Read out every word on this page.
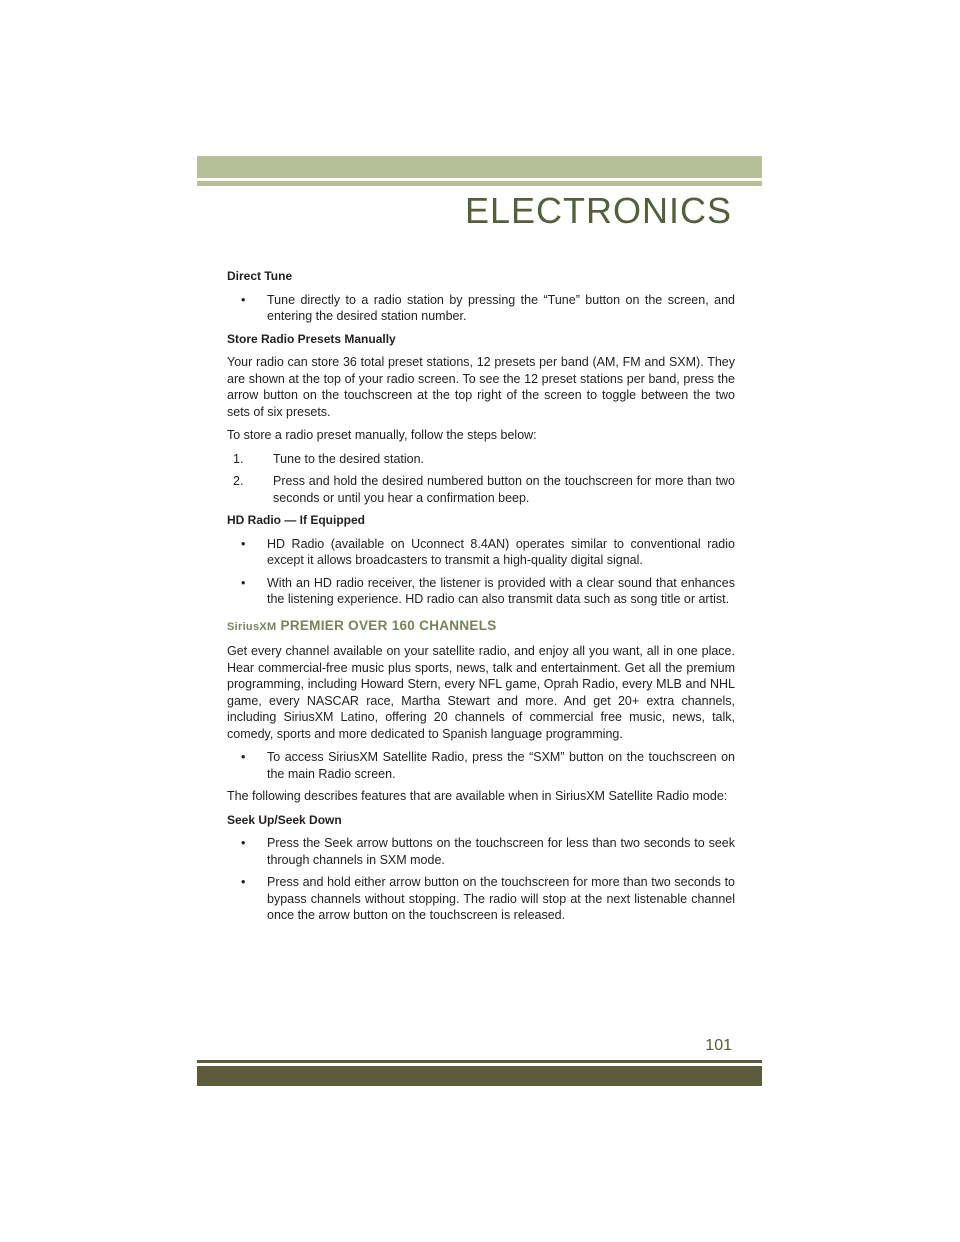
ELECTRONICS
Direct Tune
• Tune directly to a radio station by pressing the “Tune” button on the screen, and entering the desired station number.
Store Radio Presets Manually

Your radio can store 36 total preset stations, 12 presets per band (AM, FM and SXM). They are shown at the top of your radio screen. To see the 12 preset stations per band, press the arrow button on the touchscreen at the top right of the screen to toggle between the two sets of six presets.

To store a radio preset manually, follow the steps below:

1. Tune to the desired station.
2. Press and hold the desired numbered button on the touchscreen for more than two seconds or until you hear a confirmation beep.
HD Radio — If Equipped
• HD Radio (available on Uconnect 8.4AN) operates similar to conventional radio except it allows broadcasters to transmit a high-quality digital signal.
• With an HD radio receiver, the listener is provided with a clear sound that enhances the listening experience. HD radio can also transmit data such as song title or artist.
SiriusXM PREMIER OVER 160 CHANNELS

Get every channel available on your satellite radio, and enjoy all you want, all in one place. Hear commercial-free music plus sports, news, talk and entertainment. Get all the premium programming, including Howard Stern, every NFL game, Oprah Radio, every MLB and NHL game, every NASCAR race, Martha Stewart and more. And get 20+ extra channels, including SiriusXM Latino, offering 20 channels of commercial free music, news, talk, comedy, sports and more dedicated to Spanish language programming.

• To access SiriusXM Satellite Radio, press the “SXM” button on the touchscreen on the main Radio screen.

The following describes features that are available when in SiriusXM Satellite Radio mode:

Seek Up/Seek Down
• Press the Seek arrow buttons on the touchscreen for less than two seconds to seek through channels in SXM mode.
• Press and hold either arrow button on the touchscreen for more than two seconds to bypass channels without stopping. The radio will stop at the next listenable channel once the arrow button on the touchscreen is released.
101
